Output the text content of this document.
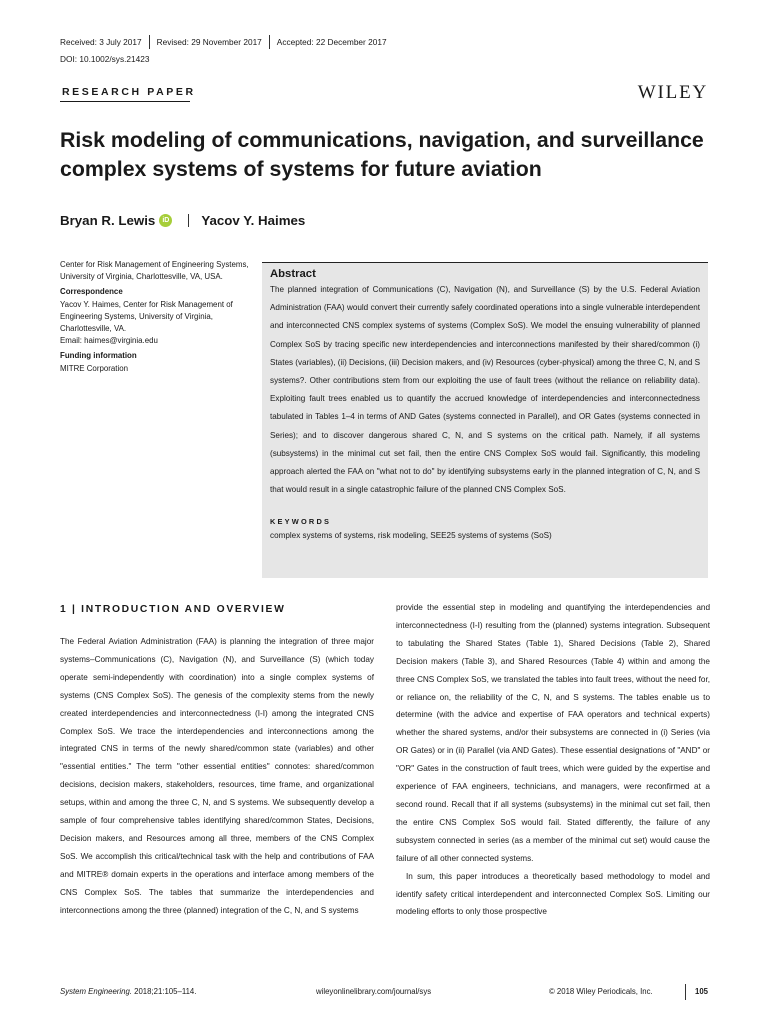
Received: 3 July 2017 Revised: 29 November 2017 Accepted: 22 December 2017
DOI: 10.1002/sys.21423
RESEARCH PAPER	WILEY
Risk modeling of communications, navigation, and surveillance complex systems of systems for future aviation
Bryan R. Lewis	iD Yacov Y. Haimes

Center for Risk Management of Engineering Systems, University of Virginia, Charlottesville, VA, USA.

Correspondence

Yacov Y. Haimes, Center for Risk Management of Engineering Systems, University of Virginia, Charlottesville, VA.

Email: haimes@virginia.edu

Funding information

MITRE Corporation

Abstract
The planned integration of Communications (C), Navigation (N), and Surveillance (S) by the U.S. Federal Aviation Administration (FAA) would convert their currently safely coordinated operations into a single vulnerable interdependent and interconnected CNS complex systems of systems (Complex SoS). We model the ensuing vulnerability of planned Complex SoS by tracing specific new interdependencies and interconnections manifested by their shared/common (i) States (variables), (ii) Decisions, (iii) Decision makers, and (iv) Resources (cyber-physical) among the three C, N, and S systems?. Other contributions stem from our exploiting the use of fault trees (without the reliance on reliability data). Exploiting fault trees enabled us to quantify the accrued knowledge of interdependencies and interconnectedness tabulated in Tables 1–4 in terms of AND Gates (systems connected in Parallel), and OR Gates (systems connected in Series); and to discover dangerous shared C, N, and S systems on the critical path. Namely, if all systems (subsystems) in the minimal cut set fail, then the entire CNS Complex SoS would fail. Significantly, this modeling approach alerted the FAA on "what not to do" by identifying subsystems early in the planned integration of C, N, and S that would result in a single catastrophic failure of the planned CNS Complex SoS.
KEYWORDS
complex systems of systems, risk modeling, SEE25 systems of systems (SoS)
1 | INTRODUCTION AND OVERVIEW

The Federal Aviation Administration (FAA) is planning the integration of three major systems–Communications (C), Navigation (N), and Surveillance (S) (which today operate semi-independently with coordination) into a single complex systems of systems (CNS Complex SoS). The genesis of the complexity stems from the newly created interdependencies and interconnectedness (I-I) among the integrated CNS Complex SoS. We trace the interdependencies and interconnections among the integrated CNS in terms of the newly shared/common state (variables) and other "essential entities." The term "other essential entities" connotes: shared/common decisions, decision makers, stakeholders, resources, time frame, and organizational setups, within and among the three C, N, and S systems. We subsequently develop a sample of four comprehensive tables identifying shared/common States, Decisions, Decision makers, and Resources among all three, members of the CNS Complex SoS. We accomplish this critical/technical task with the help and contributions of FAA and MITRE® domain experts in the operations and interface among members of the CNS Complex SoS. The tables that summarize the interdependencies and interconnections among the three (planned) integration of the C, N, and S systems

provide the essential step in modeling and quantifying the interdependencies and interconnectedness (I-I) resulting from the (planned) systems integration. Subsequent to tabulating the Shared States (Table 1), Shared Decisions (Table 2), Shared Decision makers (Table 3), and Shared Resources (Table 4) within and among the three CNS Complex SoS, we translated the tables into fault trees, without the need for, or reliance on, the reliability of the C, N, and S systems. The tables enable us to determine (with the advice and expertise of FAA operators and technical experts) whether the shared systems, and/or their subsystems are connected in (i) Series (via OR Gates) or in (ii) Parallel (via AND Gates). These essential designations of "AND" or "OR" Gates in the construction of fault trees, which were guided by the expertise and experience of FAA engineers, technicians, and managers, were reconfirmed at a second round. Recall that if all systems (subsystems) in the minimal cut set fail, then the entire CNS Complex SoS would fail. Stated differently, the failure of any subsystem connected in series (as a member of the minimal cut set) would cause the failure of all other connected systems.

In sum, this paper introduces a theoretically based methodology to model and identify safety critical interdependent and interconnected Complex SoS. Limiting our modeling efforts to only those prospective

System Engineering. 2018;21:105–114.	wileyonlinelibrary.com/journal/sys	© 2018 Wiley Periodicals, Inc.	105
